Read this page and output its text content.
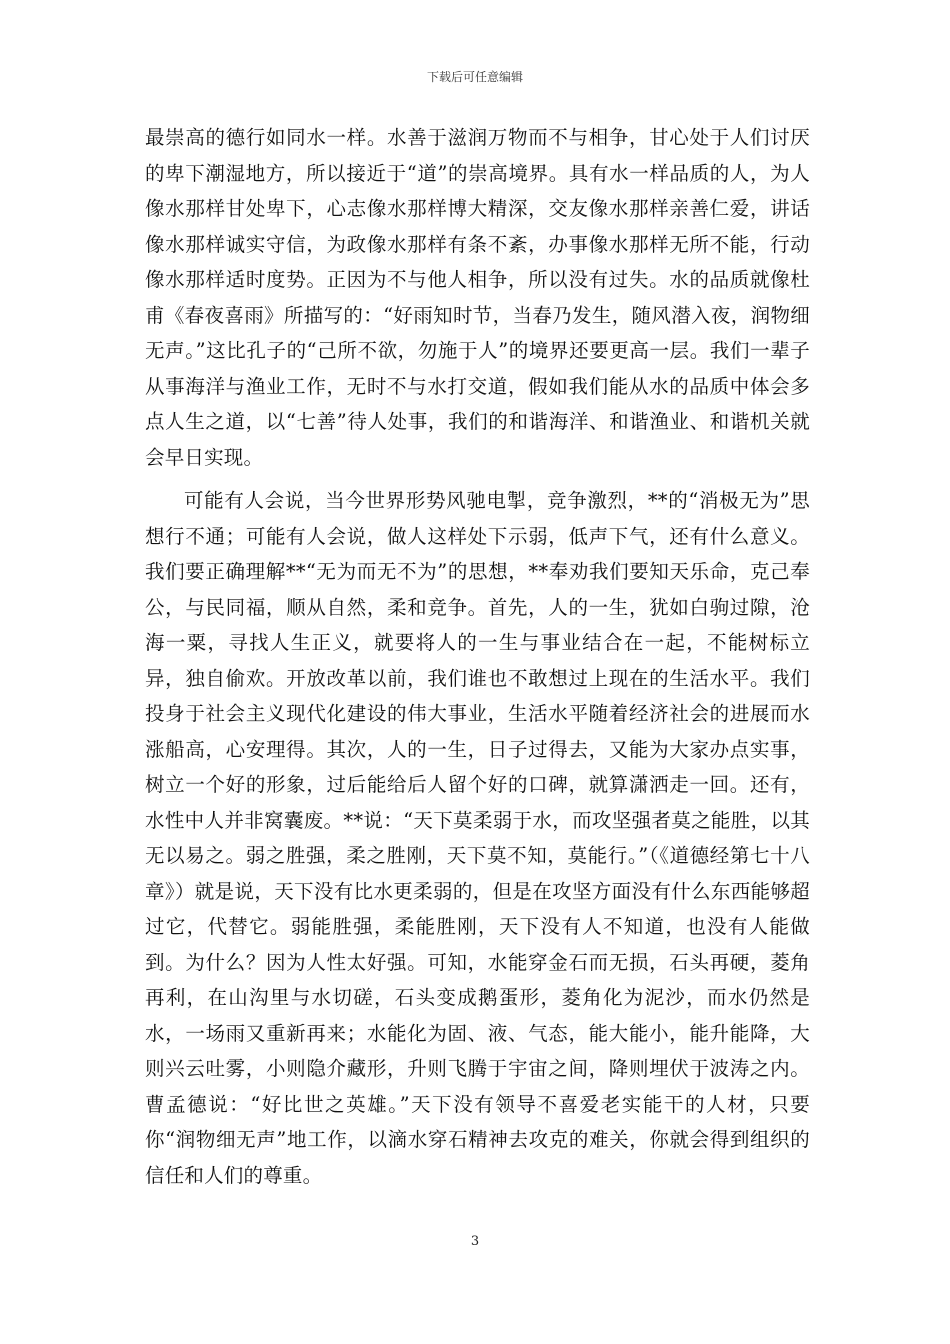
下载后可任意编辑

最崇高的德行如同水一样。水善于滋润万物而不与相争，甘心处于人们讨厌的卑下潮湿地方，所以接近于“道”的崇高境界。具有水一样品质的人，为人像水那样甘处卑下，心志像水那样博大精深，交友像水那样亲善仁爱，讲话像水那样诚实守信，为政像水那样有条不紊，办事像水那样无所不能，行动像水那样适时度势。正因为不与他人相争，所以没有过失。水的品质就像杜甫《春夜喜雨》所描写的：“好雨知时节，当春乃发生，随风潜入夜，润物细无声。”这比孔子的“己所不欲，勿施于人”的境界还要更高一层。我们一辈子从事海洋与渔业工作，无时不与水打交道，假如我们能从水的品质中体会多点人生之道，以“七善”待人处事，我们的和谐海洋、和谐渔业、和谐机关就会早日实现。

可能有人会说，当今世界形势风驰电掣，竞争激烈，**的“消极无为”思想行不通；可能有人会说，做人这样处下示弱，低声下气，还有什么意义。我们要正确理解**“无为而无不为”的思想，**奉劝我们要知天乐命，克己奉公，与民同福，顺从自然，柔和竞争。首先，人的一生，犹如白驹过隙，沧海一粟，寻找人生正义，就要将人的一生与事业结合在一起，不能树标立异，独自偷欢。开放改革以前，我们谁也不敢想过上现在的生活水平。我们投身于社会主义现代化建设的伟大事业，生活水平随着经济社会的进展而水涨船高，心安理得。其次，人的一生，日子过得去，又能为大家办点实事，树立一个好的形象，过后能给后人留个好的口碑，就算潇洒走一回。还有，水性中人并非窝囊废。**说：“天下莫柔弱于水，而攻坚强者莫之能胜，以其无以易之。弱之胜强，柔之胜刚，天下莫不知，莫能行。”（《道德经第七十八章》）就是说，天下没有比水更柔弱的，但是在攻坚方面没有什么东西能够超过它，代替它。弱能胜强，柔能胜刚，天下没有人不知道，也没有人能做到。为什么？因为人性太好强。可知，水能穿金石而无损，石头再硬，菱角再利，在山沟里与水切磋，石头变成鹅蛋形，菱角化为泥沙，而水仍然是水，一场雨又重新再来；水能化为固、液、气态，能大能小，能升能降，大则兴云吐雾，小则隐介藏形，升则飞腾于宇宙之间，降则埋伏于波涛之内。曹孟德说：“好比世之英雄。”天下没有领导不喜爱老实能干的人材，只要你“润物细无声”地工作，以滴水穿石精神去攻克的难关，你就会得到组织的信任和人们的尊重。

3
